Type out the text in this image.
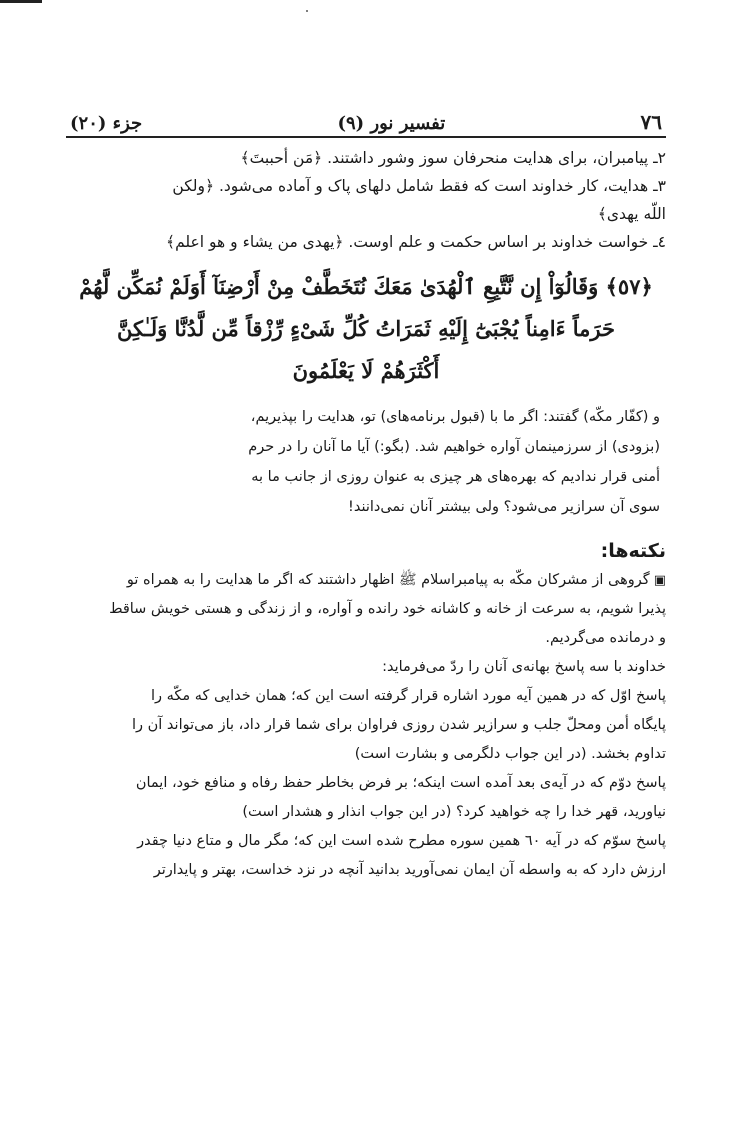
٧٦
تفسیر نور (٩)
جزء (٢٠)

٢ـ پیامبران، برای هدایت منحرفان سوز وشور داشتند. ﴿مَن أحببتَ﴾

٣ـ هدایت، کار خداوند است که فقط شامل دلهای پاک و آماده می‌شود. ﴿ولکن

اللّه یهدی﴾

٤ـ خواست خداوند بر اساس حکمت و علم اوست. ﴿یهدی من یشاء و هو اعلم﴾

﴿٥٧﴾ وَقَالُوٓاْ إِن نَّتَّبِعِ ٱلْهُدَىٰ مَعَكَ نُتَخَطَّفْ مِنْ أَرْضِنَآ أَوَلَمْ نُمَكِّن لَّهُمْ

حَرَماً ءَامِناً يُجْبَىٰٓ إِلَيْهِ ثَمَرَاتُ كُلِّ شَىْءٍ رِّزْقاً مِّن لَّدُنَّا وَلَـٰكِنَّ

أَكْثَرَهُمْ لَا يَعْلَمُونَ

و (کفّار مکّه) گفتند: اگر ما با (قبول برنامه‌های) تو، هدایت را بپذیریم،

(بزودی) از سرزمینمان آواره خواهیم شد. (بگو:) آیا ما آنان را در حرم

أمنی قرار ندادیم که بهره‌های هر چیزی به عنوان روزی از جانب ما به

سوی آن سرازیر می‌شود؟ ولی بیشتر آنان نمی‌دانند!

نکته‌ها:

▣گروهی از مشرکان مکّه به پیامبراسلام ﷺ اظهار داشتند که اگر ما هدایت را به همراه تو

پذیرا شویم، به سرعت از خانه و کاشانه خود رانده و آواره، و از زندگی و هستی خویش ساقط

و درمانده می‌گردیم.

خداوند با سه پاسخ بهانه‌ی آنان را ردّ می‌فرماید:

پاسخ اوّل که در همین آیه مورد اشاره قرار گرفته است این که؛ همان خدایی که مکّه را

پایگاه أمن ومحلّ جلب و سرازیر شدن روزی فراوان برای شما قرار داد، باز می‌تواند آن را

تداوم بخشد. (در این جواب دلگرمی و بشارت است)

پاسخ دوّم که در آیه‌ی بعد آمده است اینکه؛ بر فرض بخاطر حفظ رفاه و منافع خود، ایمان

نیاورید، قهر خدا را چه خواهید کرد؟ (در این جواب انذار و هشدار است)

پاسخ سوّم که در آیه ٦٠ همین سوره مطرح شده است این که؛ مگر مال و متاع دنیا چقدر

ارزش دارد که به واسطه آن ایمان نمی‌آورید بدانید آنچه در نزد خداست، بهتر و پایدارتر
